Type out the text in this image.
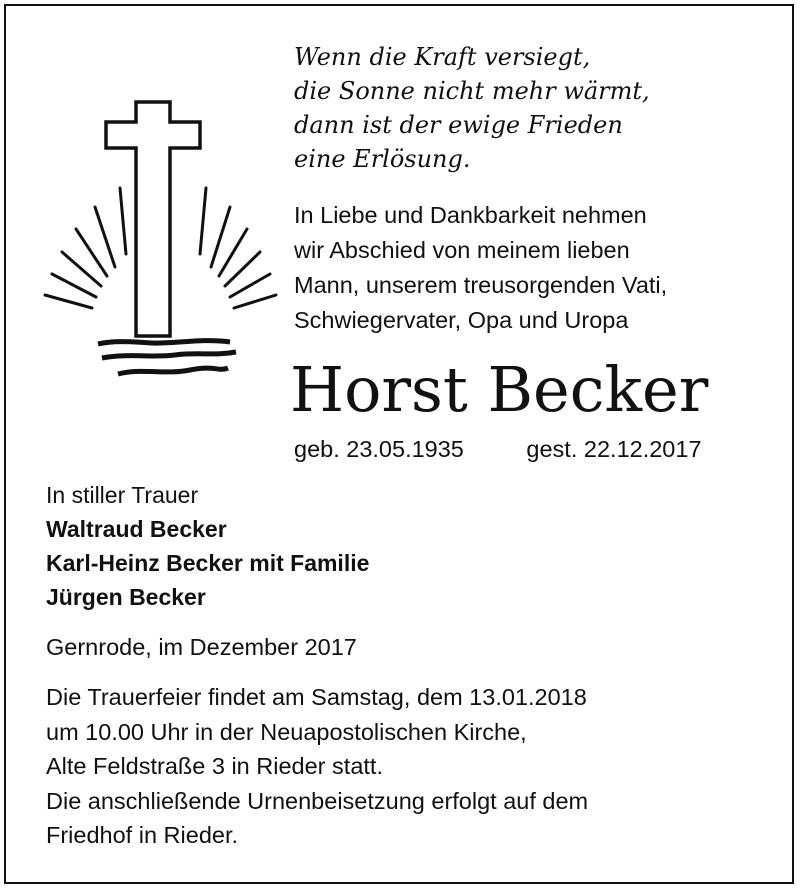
Wenn die Kraft versiegt,
die Sonne nicht mehr wärmt,
dann ist der ewige Frieden
eine Erlösung.
In Liebe und Dankbarkeit nehmen
wir Abschied von meinem lieben
Mann, unserem treusorgenden Vati,
Schwiegervater, Opa und Uropa
Horst Becker
geb. 23.05.1935	gest. 22.12.2017
In stiller Trauer
Waltraud Becker
Karl-Heinz Becker mit Familie
Jürgen Becker
Gernrode, im Dezember 2017
Die Trauerfeier findet am Samstag, dem 13.01.2018
um 10.00 Uhr in der Neuapostolischen Kirche,
Alte Feldstraße 3 in Rieder statt.
Die anschließende Urnenbeisetzung erfolgt auf dem
Friedhof in Rieder.
